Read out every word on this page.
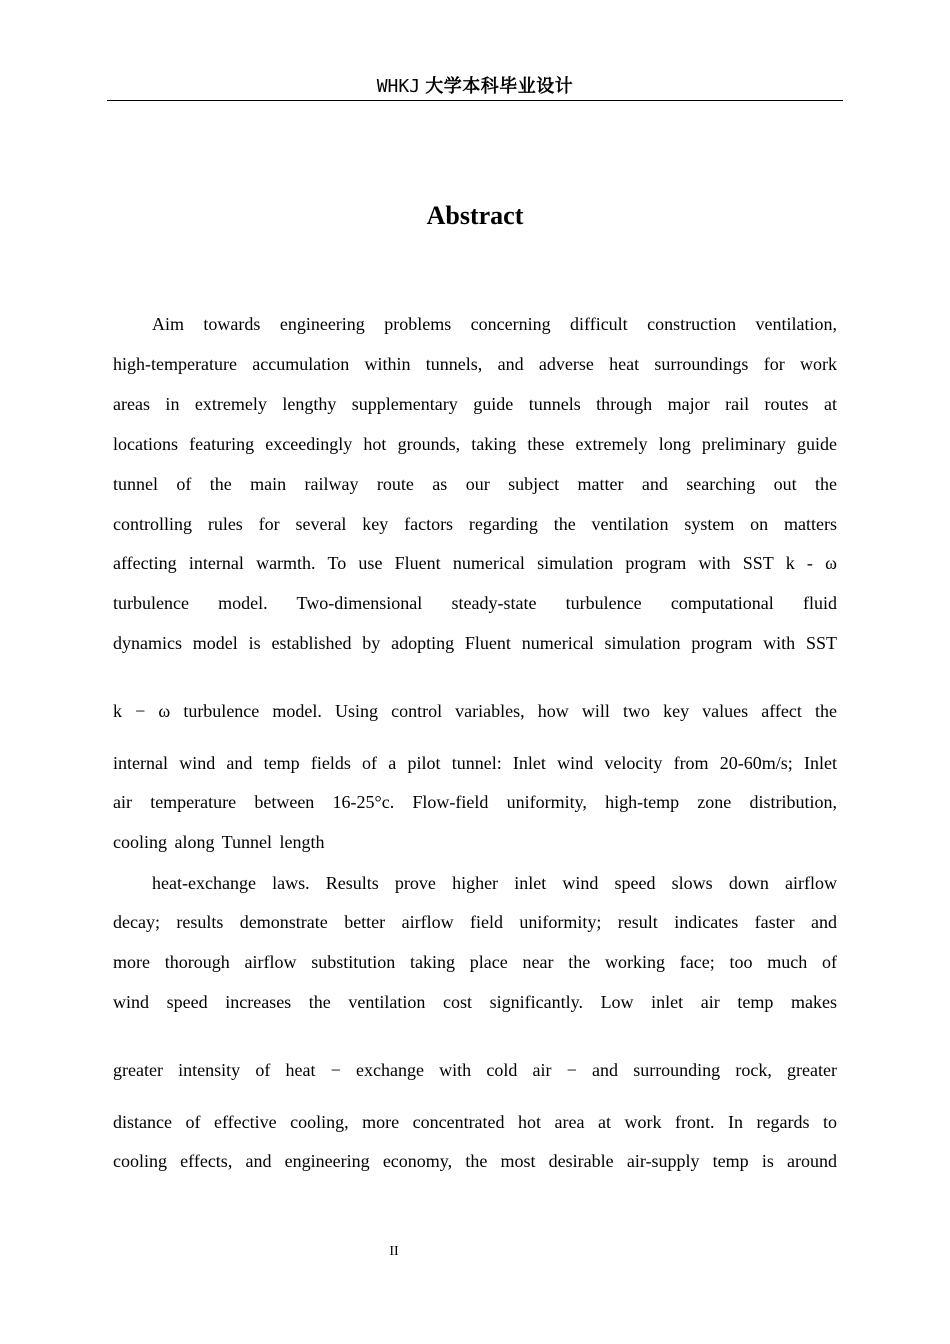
WHKJ 大学本科毕业设计
Abstract
Aim towards engineering problems concerning difficult construction ventilation,
high-temperature accumulation within tunnels, and adverse heat surroundings for work
areas in extremely lengthy supplementary guide tunnels through major rail routes at
locations featuring exceedingly hot grounds, taking these extremely long preliminary guide
tunnel of the main railway route as our subject matter and searching out the
controlling rules for several key factors regarding the ventilation system on matters
affecting internal warmth. To use Fluent numerical simulation program with SST k - ω
turbulence model. Two-dimensional steady-state turbulence computational fluid
dynamics model is established by adopting Fluent numerical simulation program with SST
k − ω turbulence model. Using control variables, how will two key values affect the
internal wind and temp fields of a pilot tunnel: Inlet wind velocity from 20-60m/s; Inlet
air temperature between 16-25°c. Flow-field uniformity, high-temp zone distribution,
cooling along Tunnel length
heat-exchange laws. Results prove higher inlet wind speed slows down airflow
decay; results demonstrate better airflow field uniformity; result indicates faster and
more thorough airflow substitution taking place near the working face; too much of
wind speed increases the ventilation cost significantly. Low inlet air temp makes
greater intensity of heat − exchange with cold air − and surrounding rock, greater
distance of effective cooling, more concentrated hot area at work front. In regards to
cooling effects, and engineering economy, the most desirable air-supply temp is around
II
